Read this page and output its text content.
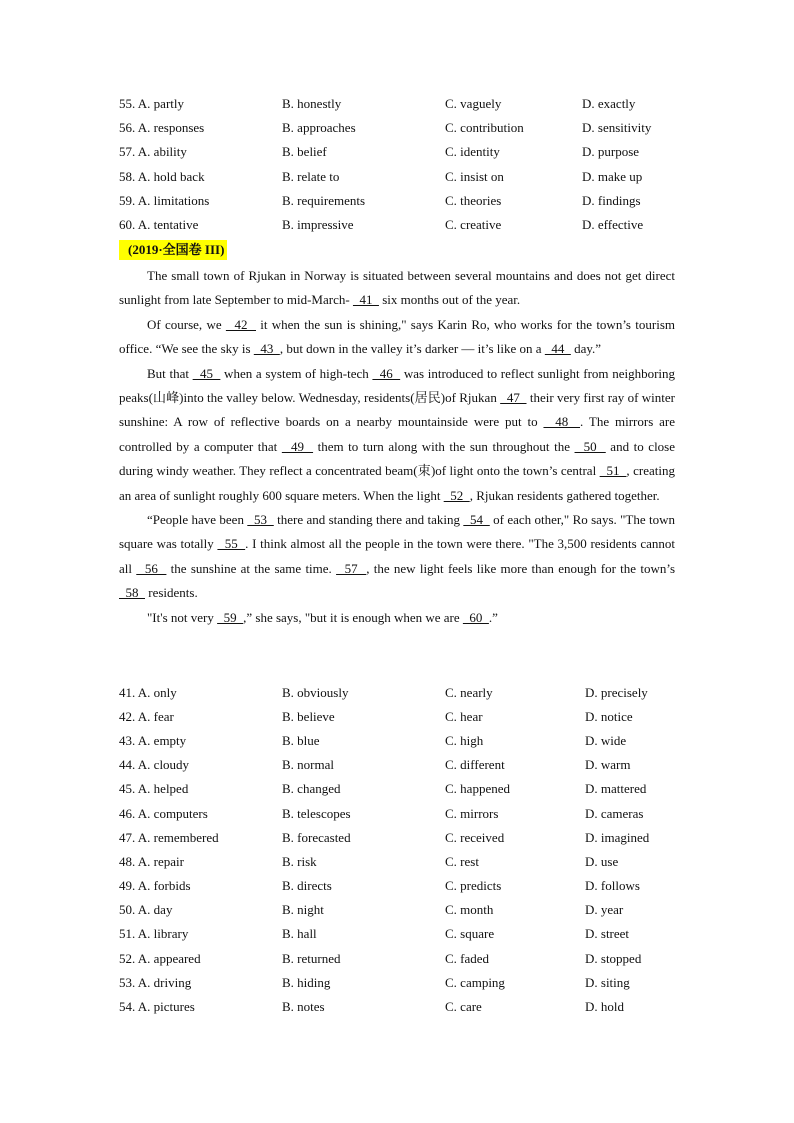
55. A. partly	B. honestly	C. vaguely	D. exactly
56. A. responses	B. approaches	C. contribution	D. sensitivity
57. A. ability	B. belief	C. identity	D. purpose
58. A. hold back	B. relate to	C. insist on	D. make up
59. A. limitations	B. requirements	C. theories	D. findings
60. A. tentative	B. impressive	C. creative	D. effective
(2019·全国卷 III)

The small town of Rjukan in Norway is situated between several mountains and does not get direct sunlight from late September to mid-March-   41   six months out of the year.

Of course, we   42   it when the sun is shining," says Karin Ro, who works for the town’s tourism office. “We see the sky is   43  , but down in the valley it’s darker — it’s like on a   44   day.”

But that   45   when a system of high-tech   46   was introduced to reflect sunlight from neighboring peaks(山峰)into the valley below. Wednesday, residents(居民)of Rjukan   47   their very first ray of winter sunshine: A row of reflective boards on a nearby mountainside were put to   48  . The mirrors are controlled by a computer that   49   them to turn along with the sun throughout the   50   and to close during windy weather. They reflect a concentrated beam(束)of light onto the town’s central   51  , creating an area of sunlight roughly 600 square meters. When the light   52  , Rjukan residents gathered together.

“People have been   53   there and standing there and taking   54   of each other," Ro says. "The town square was totally   55  . I think almost all the people in the town were there. "The 3,500 residents cannot all   56   the sunshine at the same time.   57  , the new light feels like more than enough for the town’s   58   residents.

"It's not very   59  ,” she says, "but it is enough when we are   60  .”

41. A. only	B. obviously	C. nearly	D. precisely
42. A. fear	B. believe	C. hear	D. notice
43. A. empty	B. blue	C. high	D. wide
44. A. cloudy	B. normal	C. different	D. warm
45. A. helped	B. changed	C. happened	D. mattered
46. A. computers	B. telescopes	C. mirrors	D. cameras
47. A. remembered	B. forecasted	C. received	D. imagined
48. A. repair	B. risk	C. rest	D. use
49. A. forbids	B. directs	C. predicts	D. follows
50. A. day	B. night	C. month	D. year
51. A. library	B. hall	C. square	D. street
52. A. appeared	B. returned	C. faded	D. stopped
53. A. driving	B. hiding	C. camping	D. siting
54. A. pictures	B. notes	C. care	D. hold
